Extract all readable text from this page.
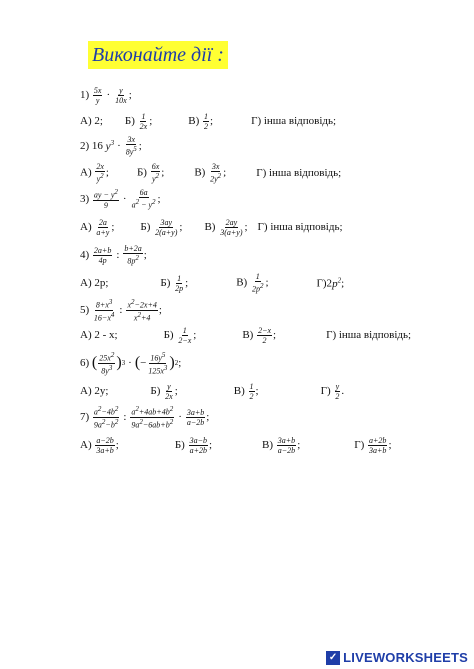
Виконайте дії :
1)
$\frac{5x}{y} \cdot \frac{y}{10x}$ ;
А) 2; $Б) \frac{1}{2x}$ ;	$В) \frac{1}{2}$ ;	Г) інша відповідь;
2)
16
$y^3 \cdot \frac{3x}{8y^5}$ ;
$А) \frac{2x}{y^2}$ ;	$Б) \frac{6x}{y^2}$ ;	$В) \frac{3x}{2y^2}$ ;	Г) інша відповідь;
3)
$\frac{ay - y^2}{9} \cdot \frac{6a}{a^2 - y^2}$ ;
$А) \frac{2a}{a+y}$ ; $Б) \frac{3ay}{2(a+y)}$ ; $В) \frac{2ay}{3(a+y)}$ ; Г) інша відповідь;
4)
$\frac{2a+b}{4p}$ : $\frac{b+2a}{8p^2}$ ;
А) 2p;	$Б) \frac{1}{2p}$ ;	$В) \frac{1}{2p^2}$ ;	$Г)2p^2$;
5)
$\frac{8+x^3}{16-x^4}$ : $\frac{x^2-2x+4}{x^2+4}$ ;
А) 2 - х;	$Б) \frac{1}{2-x}$ ;	$В) \frac{2-x}{2}$ ;	Г) інша відповідь;
6)
( $\frac{25x^2}{8y^3}$ ) 3 · ( − $\frac{16y^5}{125x^3}$ ) 2 ;
А) 2y;	$Б) \frac{y}{2x}$ ;	$В) \frac{1}{2}$ ;	$Г) \frac{y}{2}$ .
7)
$\frac{a^2-4b^2}{9a^2-b^2}$ : $\frac{a^2+4ab+4b^2}{9a^2-6ab+b^2} \cdot \frac{3a+b}{a-2b}$ ;
$А) \frac{a-2b}{3a+b}$ ;	$Б) \frac{3a-b}{a+2b}$ ;	$В) \frac{3a+b}{a-2b}$ ;	$Г) \frac{a+2b}{3a+b}$ ;
✓ LIVEWORKSHEETS
